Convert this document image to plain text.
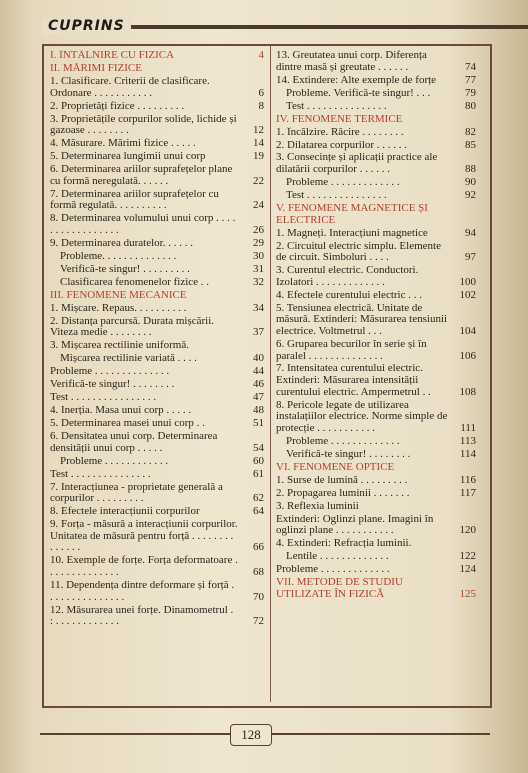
CUPRINS
I. ÎNTÂLNIRE CU FIZICA	4
II. MĂRIMI FIZICE
1. Clasificare. Criterii de clasificare. Ordonare . . . . . . . . . . .	6
2. Proprietăți fizice . . . . . . . . .	8
3. Proprietățile corpurilor solide, lichide și gazoase . . . . . . . .	12
4. Măsurare. Mărimi fizice . . . . .	14
5. Determinarea lungimii unui corp	19
6. Determinarea ariilor suprafețelor plane cu formă neregulată. . . . . .	22
7. Determinarea ariilor suprafețelor cu formă regulată. . . . . . . . . .	24
8. Determinarea volumului unui corp . . . . . . . . . . . . . . . . .	26
9. Determinarea duratelor. . . . . .	29
Probleme. . . . . . . . . . . . . .	30
Verifică-te singur! . . . . . . . . .	31
Clasificarea fenomenelor fizice . .	32
III. FENOMENE MECANICE
1. Mișcare. Repaus. . . . . . . . . .	34
2. Distanța parcursă. Durata mișcării. Viteza medie . . . . . . . .	37
3. Mișcarea rectilinie uniformă.
Mișcarea rectilinie variată . . . .	40
Probleme . . . . . . . . . . . . . .	44
Verifică-te singur! . . . . . . . .	46
Test . . . . . . . . . . . . . . . .	47
4. Inerția. Masa unui corp . . . . .	48
5. Determinarea masei unui corp . .	51
6. Densitatea unui corp. Determinarea densității unui corp . . . . .	54
Probleme . . . . . . . . . . . .	60
Test . . . . . . . . . . . . . . .	61
7. Interacțiunea - proprietate generală a corpurilor . . . . . . . . .	62
8. Efectele interacțiunii corpurilor	64
9. Forța - măsură a interacțiunii corpurilor. Unitatea de măsură pentru forță . . . . . . . . . . . . . .	66
10. Exemple de forțe. Forța deformatoare . . . . . . . . . . . . . .	68
11. Dependența dintre deformare și forță . . . . . . . . . . . . . . .	70
12. Măsurarea unei forțe. Dinamometrul . : . . . . . . . . . . . .	72
13. Greutatea unui corp. Diferența dintre masă și greutate . . . . . .	74
14. Extindere: Alte exemple de forțe	77
Probleme. Verifică-te singur! . . .	79
Test . . . . . . . . . . . . . . .	80
IV. FENOMENE TERMICE
1. Încălzire. Răcire . . . . . . . .	82
2. Dilatarea corpurilor . . . . . .	85
3. Consecințe și aplicații practice ale dilatării corpurilor . . . . . .	88
Probleme . . . . . . . . . . . . .	90
Test . . . . . . . . . . . . . . .	92
V. FENOMENE MAGNETICE ȘI ELECTRICE
1. Magneți. Interacțiuni magnetice	94
2. Circuitul electric simplu. Elemente de circuit. Simboluri . . . .	97
3. Curentul electric. Conductori. Izolatori . . . . . . . . . . . . .	100
4. Efectele curentului electric . . .	102
5. Tensiunea electrică. Unitate de măsură. Extinderi: Măsurarea tensiunii electrice. Voltmetrul . . .	104
6. Gruparea becurilor în serie și în paralel . . . . . . . . . . . . . .	106
7. Intensitatea curentului electric. Extinderi: Măsurarea intensității curentului electric. Ampermetrul . .	108
8. Pericole legate de utilizarea instalațiilor electrice. Norme simple de protecție . . . . . . . . . . .	111
Probleme . . . . . . . . . . . . .	113
Verifică-te singur! . . . . . . . .	114
VI. FENOMENE OPTICE
1. Surse de lumină . . . . . . . . .	116
2. Propagarea luminii . . . . . . .	117
3. Reflexia luminii
Extinderi: Oglinzi plane. Imagini în oglinzi plane . . . . . . . . . . .	120
4. Extinderi: Refracția luminii.
Lentile . . . . . . . . . . . . .	122
Probleme . . . . . . . . . . . . .	124
VII. METODE DE STUDIU UTILIZATE ÎN FIZICĂ	125
128
